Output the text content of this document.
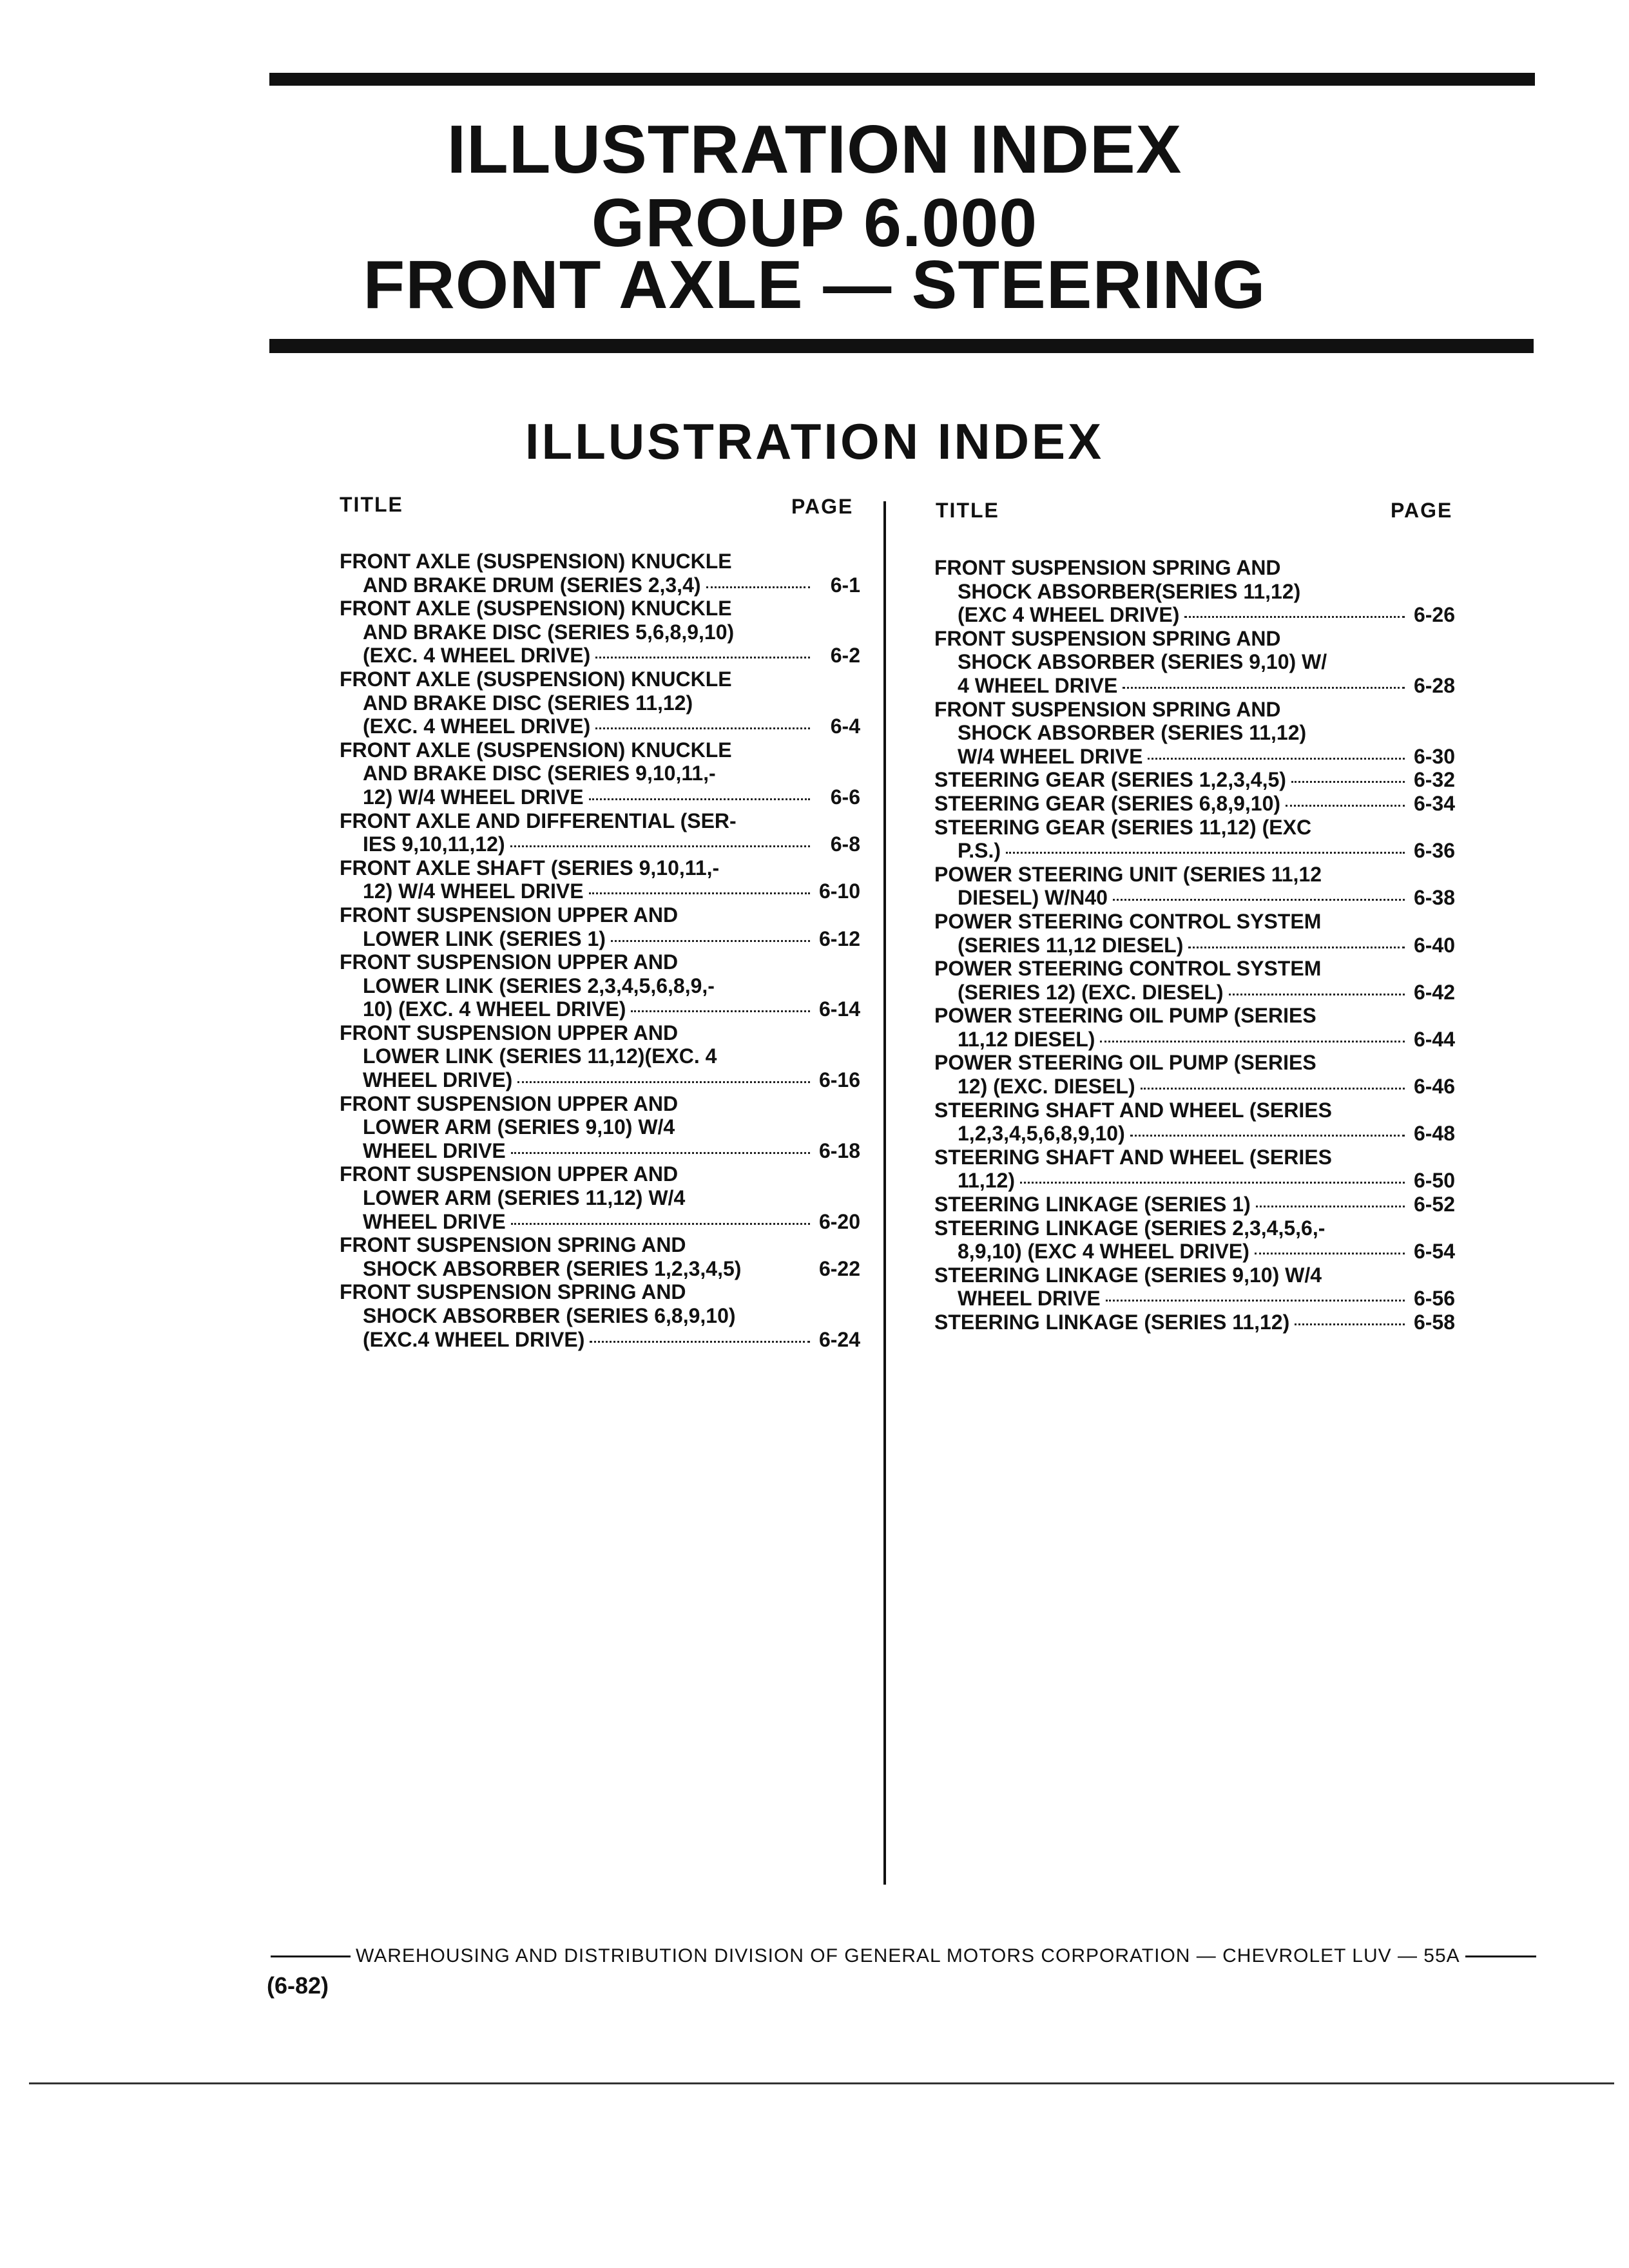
ILLUSTRATION INDEX
GROUP 6.000
FRONT AXLE — STEERING
ILLUSTRATION INDEX
TITLE	PAGE	TITLE	PAGE
FRONT AXLE (SUSPENSION) KNUCKLE
AND BRAKE DRUM (SERIES 2,3,4)	6-1
FRONT AXLE (SUSPENSION) KNUCKLE
AND BRAKE DISC (SERIES 5,6,8,9,10)
(EXC. 4 WHEEL DRIVE)	6-2
FRONT AXLE (SUSPENSION) KNUCKLE
AND BRAKE DISC (SERIES 11,12)
(EXC. 4 WHEEL DRIVE)	6-4
FRONT AXLE (SUSPENSION) KNUCKLE
AND BRAKE DISC (SERIES 9,10,11,-
12) W/4 WHEEL DRIVE	6-6
FRONT AXLE AND DIFFERENTIAL (SER-
IES 9,10,11,12)	6-8
FRONT AXLE SHAFT (SERIES 9,10,11,-
12) W/4 WHEEL DRIVE	6-10
FRONT SUSPENSION UPPER AND
LOWER LINK (SERIES 1)	6-12
FRONT SUSPENSION UPPER AND
LOWER LINK (SERIES 2,3,4,5,6,8,9,-
10) (EXC. 4 WHEEL DRIVE)	6-14
FRONT SUSPENSION UPPER AND
LOWER LINK (SERIES 11,12)(EXC. 4
WHEEL DRIVE)	6-16
FRONT SUSPENSION UPPER AND
LOWER ARM (SERIES 9,10) W/4
WHEEL DRIVE	6-18
FRONT SUSPENSION UPPER AND
LOWER ARM (SERIES 11,12) W/4
WHEEL DRIVE	6-20
FRONT SUSPENSION SPRING AND
SHOCK ABSORBER (SERIES 1,2,3,4,5)	6-22
FRONT SUSPENSION SPRING AND
SHOCK ABSORBER (SERIES 6,8,9,10)
(EXC.4 WHEEL DRIVE)	6-24
FRONT SUSPENSION SPRING AND
SHOCK ABSORBER(SERIES 11,12)
(EXC 4 WHEEL DRIVE)	6-26
FRONT SUSPENSION SPRING AND
SHOCK ABSORBER (SERIES 9,10) W/
4 WHEEL DRIVE	6-28
FRONT SUSPENSION SPRING AND
SHOCK ABSORBER (SERIES 11,12)
W/4 WHEEL DRIVE	6-30
STEERING GEAR (SERIES 1,2,3,4,5)	6-32
STEERING GEAR (SERIES 6,8,9,10)	6-34
STEERING GEAR (SERIES 11,12) (EXC
P.S.)	6-36
POWER STEERING UNIT (SERIES 11,12
DIESEL) W/N40	6-38
POWER STEERING CONTROL SYSTEM
(SERIES 11,12 DIESEL)	6-40
POWER STEERING CONTROL SYSTEM
(SERIES 12) (EXC. DIESEL)	6-42
POWER STEERING OIL PUMP (SERIES
11,12 DIESEL)	6-44
POWER STEERING OIL PUMP (SERIES
12) (EXC. DIESEL)	6-46
STEERING SHAFT AND WHEEL (SERIES
1,2,3,4,5,6,8,9,10)	6-48
STEERING SHAFT AND WHEEL (SERIES
11,12)	6-50
STEERING LINKAGE (SERIES 1)	6-52
STEERING LINKAGE (SERIES 2,3,4,5,6,-
8,9,10) (EXC 4 WHEEL DRIVE)	6-54
STEERING LINKAGE (SERIES 9,10) W/4
WHEEL DRIVE	6-56
STEERING LINKAGE (SERIES 11,12)	6-58
WAREHOUSING AND DISTRIBUTION DIVISION OF GENERAL MOTORS CORPORATION — CHEVROLET LUV — 55A
(6-82)
